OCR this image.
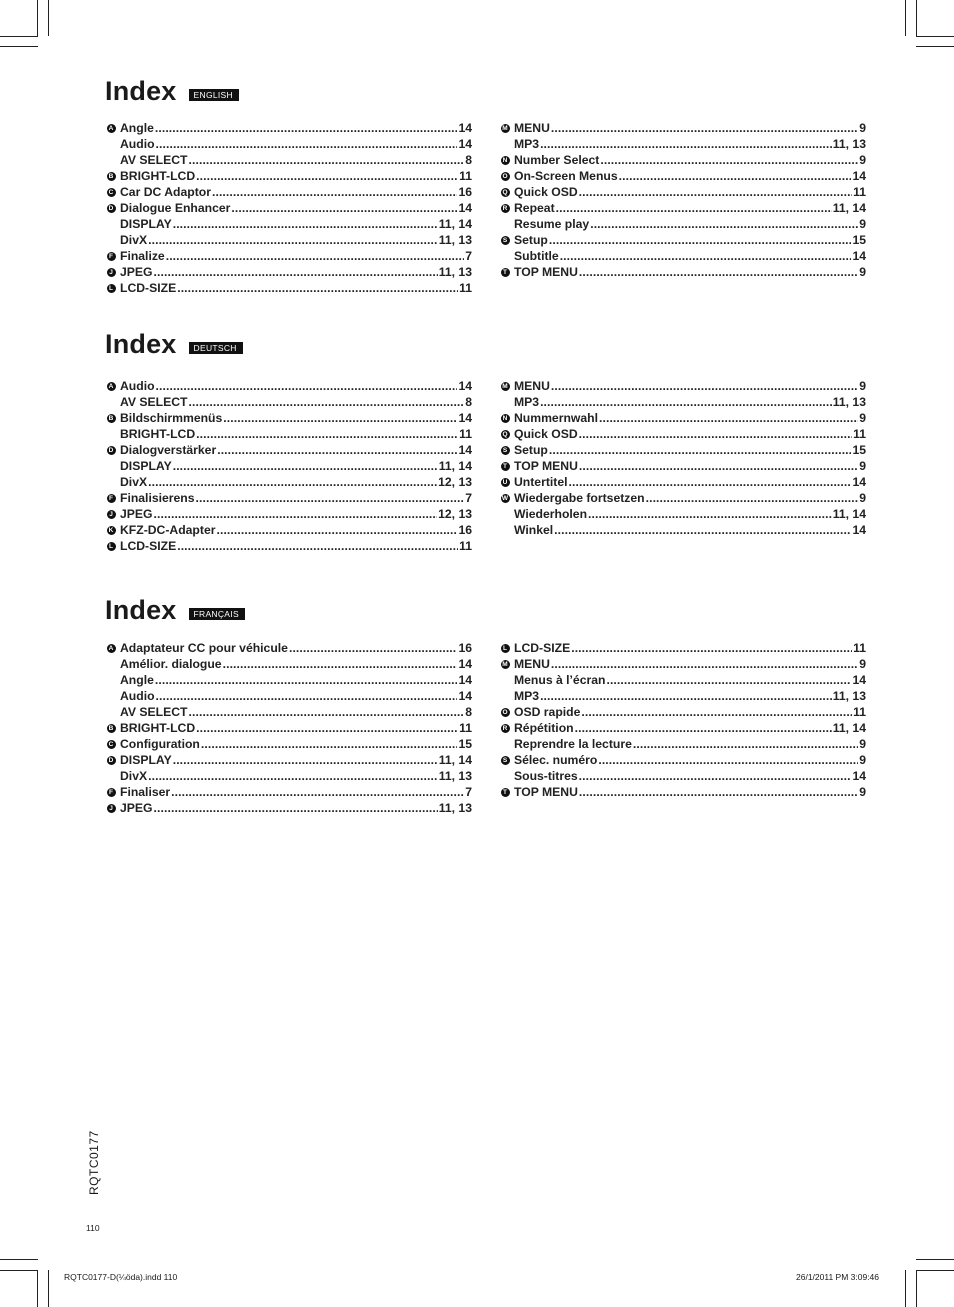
Index	ENGLISH
A Angle .....	14
Audio .....	14
AV SELECT .....	8
B BRIGHT-LCD .....	11
C Car DC Adaptor .....	16
D Dialogue Enhancer .....	14
DISPLAY .....	11, 14
DivX .....	11, 13
F Finalize .....	7
J JPEG .....	11, 13
L LCD-SIZE .....	11
M MENU .....	9
MP3 .....	11, 13
N Number Select .....	9
O On-Screen Menus .....	14
Q Quick OSD .....	11
R Repeat .....	11, 14
Resume play .....	9
S Setup .....	15
Subtitle .....	14
T TOP MENU .....	9
Index	DEUTSCH
A Audio .....	14
AV SELECT .....	8
B Bildschirmmenüs .....	14
BRIGHT-LCD .....	11
D Dialogverstärker .....	14
DISPLAY .....	11, 14
DivX .....	12, 13
F Finalisierens .....	7
J JPEG .....	12, 13
K KFZ-DC-Adapter .....	16
L LCD-SIZE .....	11
M MENU .....	9
MP3 .....	11, 13
N Nummernwahl .....	9
Q Quick OSD .....	11
S Setup .....	15
T TOP MENU .....	9
U Untertitel .....	14
W Wiedergabe fortsetzen .....	9
Wiederholen .....	11, 14
Winkel .....	14
Index	FRANÇAIS
A Adaptateur CC pour véhicule .....	16
Amélior. dialogue .....	14
Angle .....	14
Audio .....	14
AV SELECT .....	8
B BRIGHT-LCD .....	11
C Configuration .....	15
D DISPLAY .....	11, 14
DivX .....	11, 13
F Finaliser .....	7
J JPEG .....	11, 13
L LCD-SIZE .....	11
M MENU .....	9
Menus à l’écran .....	14
MP3 .....	11, 13
O OSD rapide .....	11
R Répétition .....	11, 14
Reprendre la lecture .....	9
S Sélec. numéro .....	9
Sous-titres .....	14
T TOP MENU .....	9
RQTC0177
110
RQTC0177-D(¼öda).indd 110	26/1/2011 PM 3:09:46
